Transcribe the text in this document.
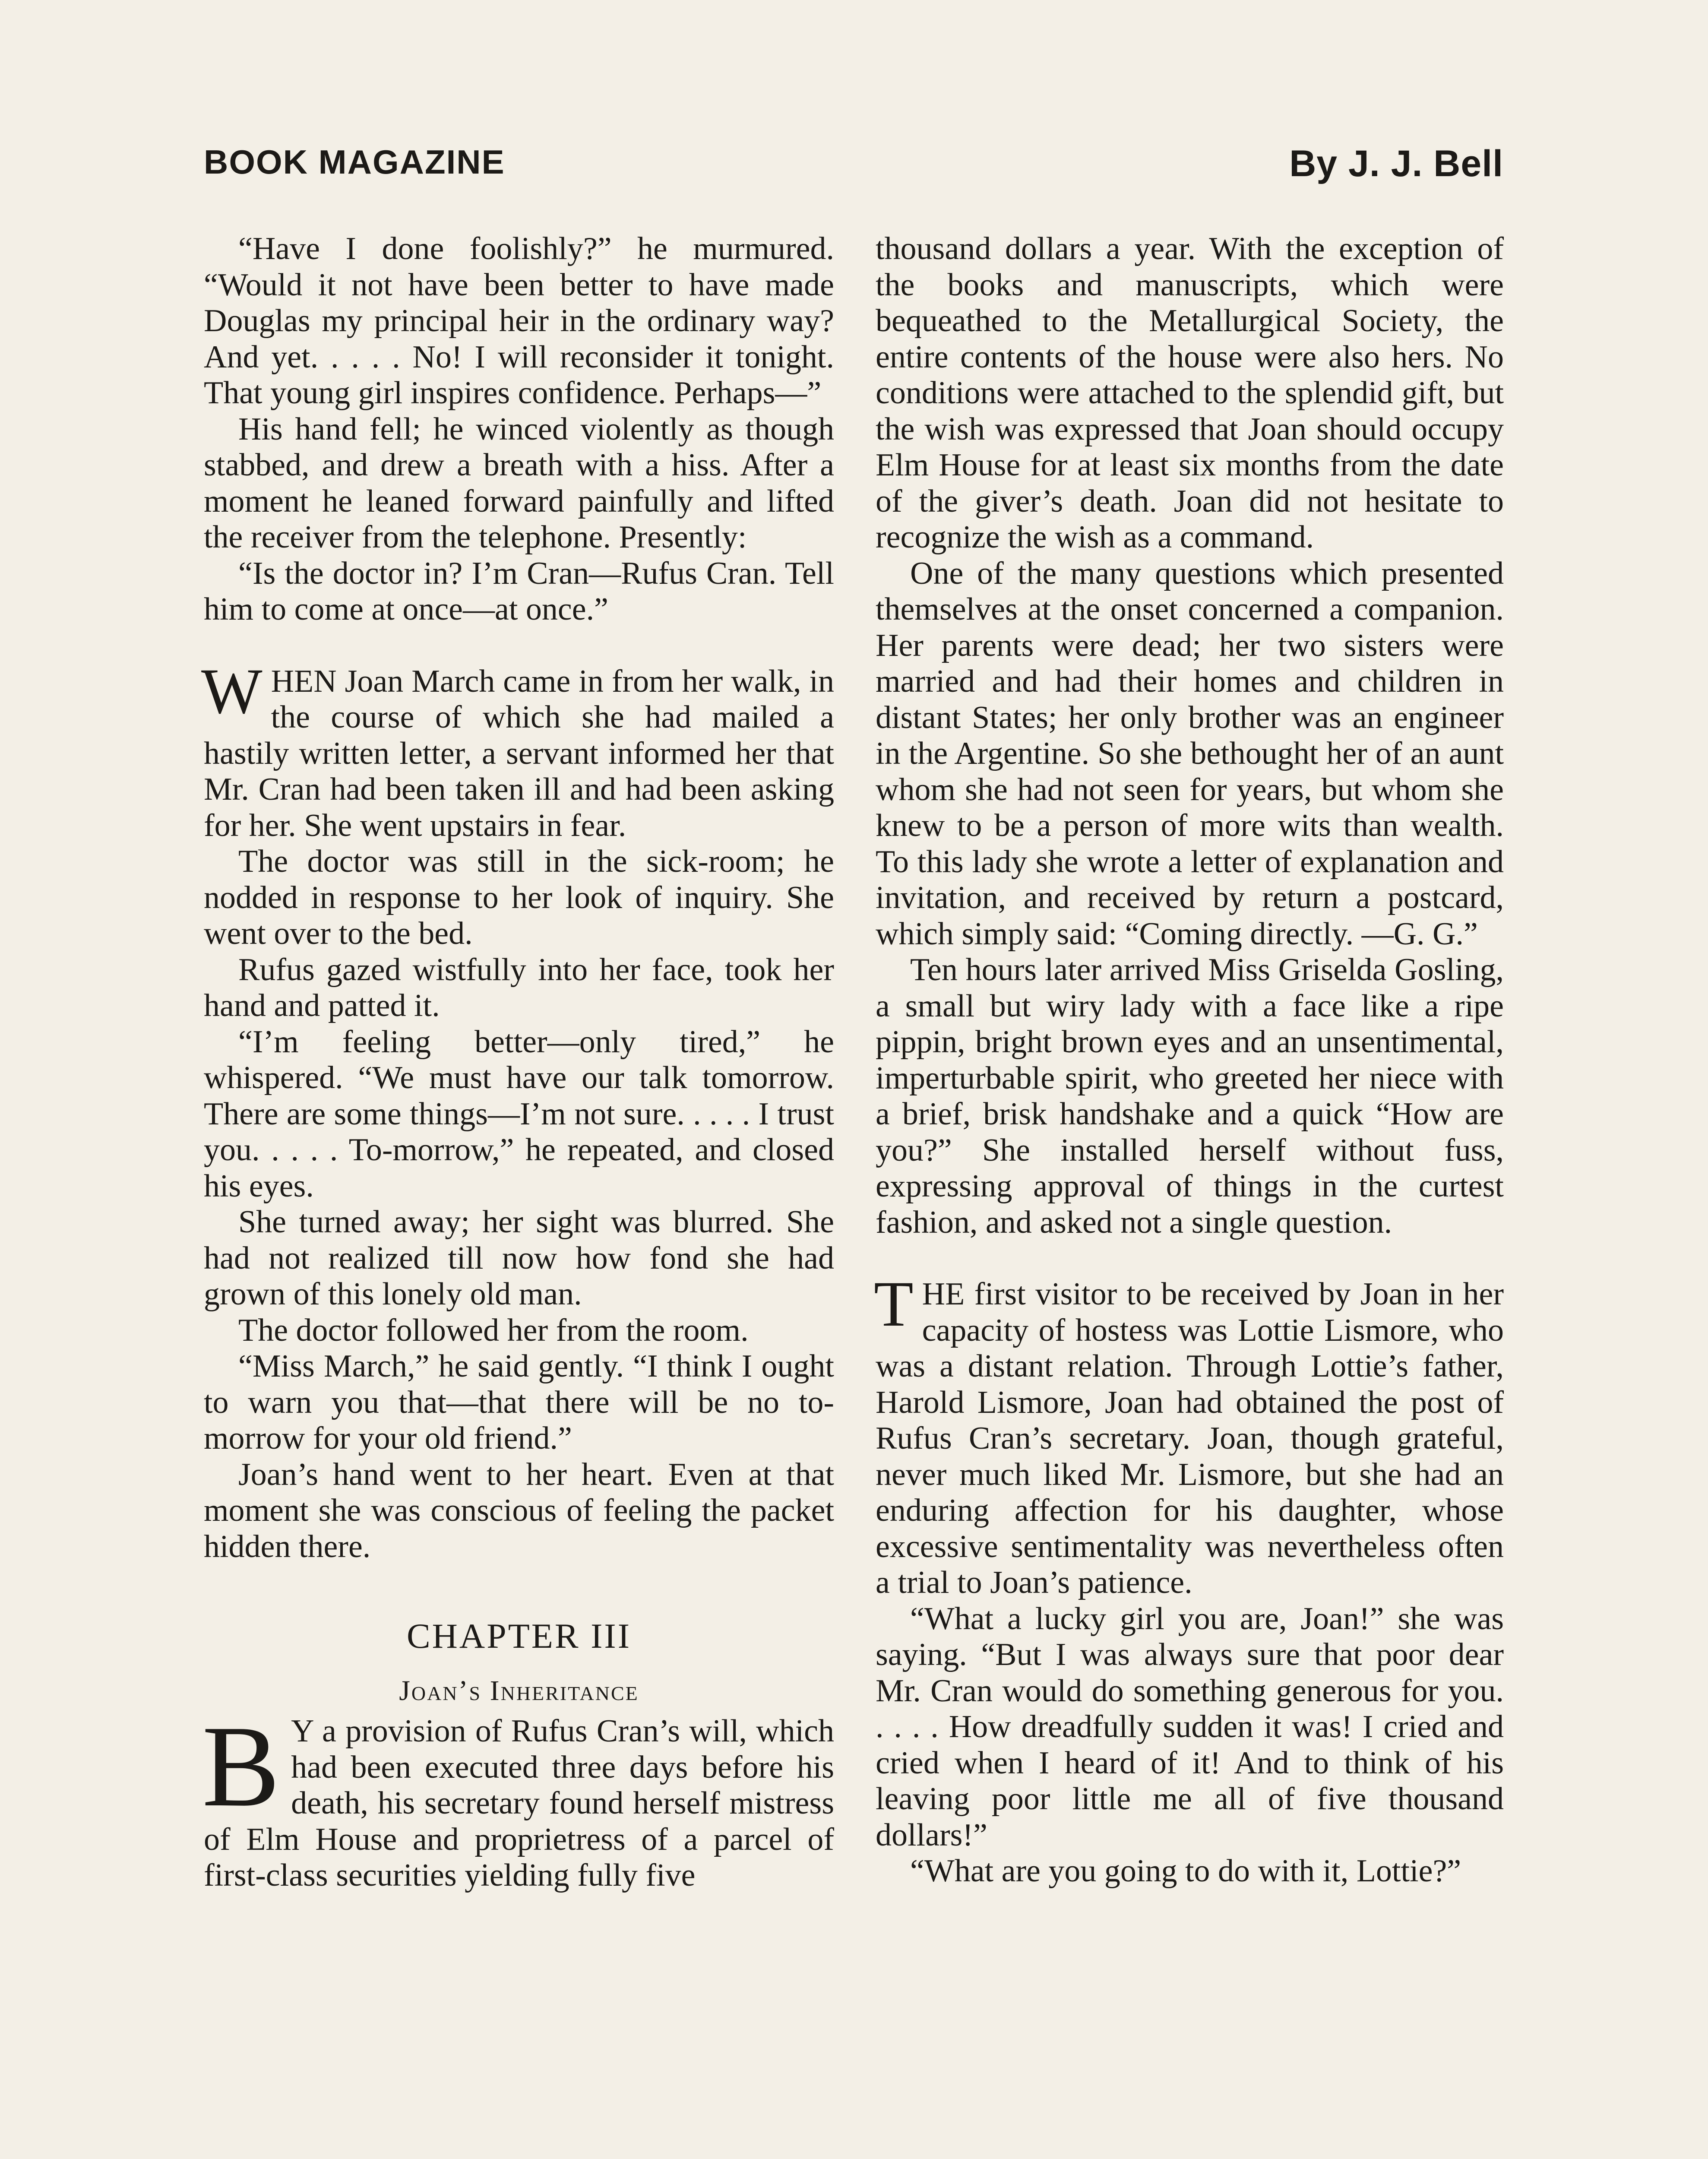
BOOK MAGAZINE	By J. J. Bell

“Have I done foolishly?” he murmured. “Would it not have been better to have made Douglas my principal heir in the ordinary way? And yet. . . . . No! I will reconsider it tonight. That young girl inspires confidence. Perhaps—”

His hand fell; he winced violently as though stabbed, and drew a breath with a hiss. After a moment he leaned forward painfully and lifted the receiver from the telephone. Presently:

“Is the doctor in? I’m Cran—Rufus Cran. Tell him to come at once—at once.”

WHEN Joan March came in from her walk, in the course of which she had mailed a hastily written letter, a servant informed her that Mr. Cran had been taken ill and had been asking for her. She went upstairs in fear.

The doctor was still in the sick-room; he nodded in response to her look of inquiry. She went over to the bed.

Rufus gazed wistfully into her face, took her hand and patted it.

“I’m feeling better—only tired,” he whispered. “We must have our talk tomorrow. There are some things—I’m not sure. . . . . I trust you. . . . . To-morrow,” he repeated, and closed his eyes.

She turned away; her sight was blurred. She had not realized till now how fond she had grown of this lonely old man.

The doctor followed her from the room.

“Miss March,” he said gently. “I think I ought to warn you that—that there will be no to-morrow for your old friend.”

Joan’s hand went to her heart. Even at that moment she was conscious of feeling the packet hidden there.

CHAPTER III
Joan’s Inheritance

B Y a provision of Rufus Cran’s will, which had been executed three days before his death, his secretary found herself mistress of Elm House and proprietress of a parcel of first-class securities yielding fully five

thousand dollars a year. With the exception of the books and manuscripts, which were bequeathed to the Metallurgical Society, the entire contents of the house were also hers. No conditions were attached to the splendid gift, but the wish was expressed that Joan should occupy Elm House for at least six months from the date of the giver’s death. Joan did not hesitate to recognize the wish as a command.

One of the many questions which presented themselves at the onset concerned a companion. Her parents were dead; her two sisters were married and had their homes and children in distant States; her only brother was an engineer in the Argentine. So she bethought her of an aunt whom she had not seen for years, but whom she knew to be a person of more wits than wealth. To this lady she wrote a letter of explanation and invitation, and received by return a postcard, which simply said: “Coming directly. —G. G.”

Ten hours later arrived Miss Griselda Gosling, a small but wiry lady with a face like a ripe pippin, bright brown eyes and an unsentimental, imperturbable spirit, who greeted her niece with a brief, brisk handshake and a quick “How are you?” She installed herself without fuss, expressing approval of things in the curtest fashion, and asked not a single question.

THE first visitor to be received by Joan in her capacity of hostess was Lottie Lismore, who was a distant relation. Through Lottie’s father, Harold Lismore, Joan had obtained the post of Rufus Cran’s secretary. Joan, though grateful, never much liked Mr. Lismore, but she had an enduring affection for his daughter, whose excessive sentimentality was nevertheless often a trial to Joan’s patience.

“What a lucky girl you are, Joan!” she was saying. “But I was always sure that poor dear Mr. Cran would do something generous for you. . . . . How dreadfully sudden it was! I cried and cried when I heard of it! And to think of his leaving poor little me all of five thousand dollars!”

“What are you going to do with it, Lottie?”
